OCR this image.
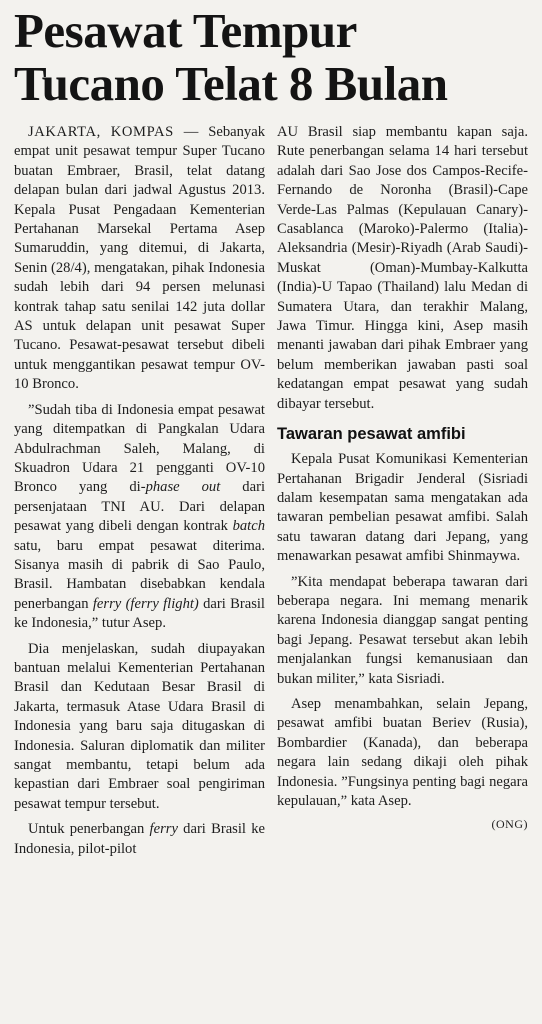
Pesawat Tempur
Tucano Telat 8 Bulan

JAKARTA, KOMPAS — Sebanyak empat unit pesawat tempur Super Tucano buatan Embraer, Brasil, telat datang delapan bulan dari jadwal Agustus 2013. Kepala Pusat Pengadaan Kementerian Pertahanan Marsekal Pertama Asep Sumaruddin, yang ditemui, di Jakarta, Senin (28/4), mengatakan, pihak Indonesia sudah lebih dari 94 persen melunasi kontrak tahap satu senilai 142 juta dollar AS untuk delapan unit pesawat Super Tucano. Pesawat-pesawat tersebut dibeli untuk menggantikan pesawat tempur OV-10 Bronco.

”Sudah tiba di Indonesia empat pesawat yang ditempatkan di Pangkalan Udara Abdulrachman Saleh, Malang, di Skuadron Udara 21 pengganti OV-10 Bronco yang di-phase out dari persenjataan TNI AU. Dari delapan pesawat yang dibeli dengan kontrak batch satu, baru empat pesawat diterima. Sisanya masih di pabrik di Sao Paulo, Brasil. Hambatan disebabkan kendala penerbangan ferry (ferry flight) dari Brasil ke Indonesia,” tutur Asep.

Dia menjelaskan, sudah diupayakan bantuan melalui Kementerian Pertahanan Brasil dan Kedutaan Besar Brasil di Jakarta, termasuk Atase Udara Brasil di Indonesia yang baru saja ditugaskan di Indonesia. Saluran diplomatik dan militer sangat membantu, tetapi belum ada kepastian dari Embraer soal pengiriman pesawat tempur tersebut.

Untuk penerbangan ferry dari Brasil ke Indonesia, pilot-pilot

AU Brasil siap membantu kapan saja. Rute penerbangan selama 14 hari tersebut adalah dari Sao Jose dos Campos-Recife-Fernando de Noronha (Brasil)-Cape Verde-Las Palmas (Kepulauan Canary)-Casablanca (Maroko)-Palermo (Italia)-Aleksandria (Mesir)-Riyadh (Arab Saudi)-Muskat (Oman)-Mumbay-Kalkutta (India)-U Tapao (Thailand) lalu Medan di Sumatera Utara, dan terakhir Malang, Jawa Timur. Hingga kini, Asep masih menanti jawaban dari pihak Embraer yang belum memberikan jawaban pasti soal kedatangan empat pesawat yang sudah dibayar tersebut.

Tawaran pesawat amfibi

Kepala Pusat Komunikasi Kementerian Pertahanan Brigadir Jenderal (Sisriadi dalam kesempatan sama mengatakan ada tawaran pembelian pesawat amfibi. Salah satu tawaran datang dari Jepang, yang menawarkan pesawat amfibi Shinmaywa.

”Kita mendapat beberapa tawaran dari beberapa negara. Ini memang menarik karena Indonesia dianggap sangat penting bagi Jepang. Pesawat tersebut akan lebih menjalankan fungsi kemanusiaan dan bukan militer,” kata Sisriadi.

Asep menambahkan, selain Jepang, pesawat amfibi buatan Beriev (Rusia), Bombardier (Kanada), dan beberapa negara lain sedang dikaji oleh pihak Indonesia. ”Fungsinya penting bagi negara kepulauan,” kata Asep.

(ONG)
